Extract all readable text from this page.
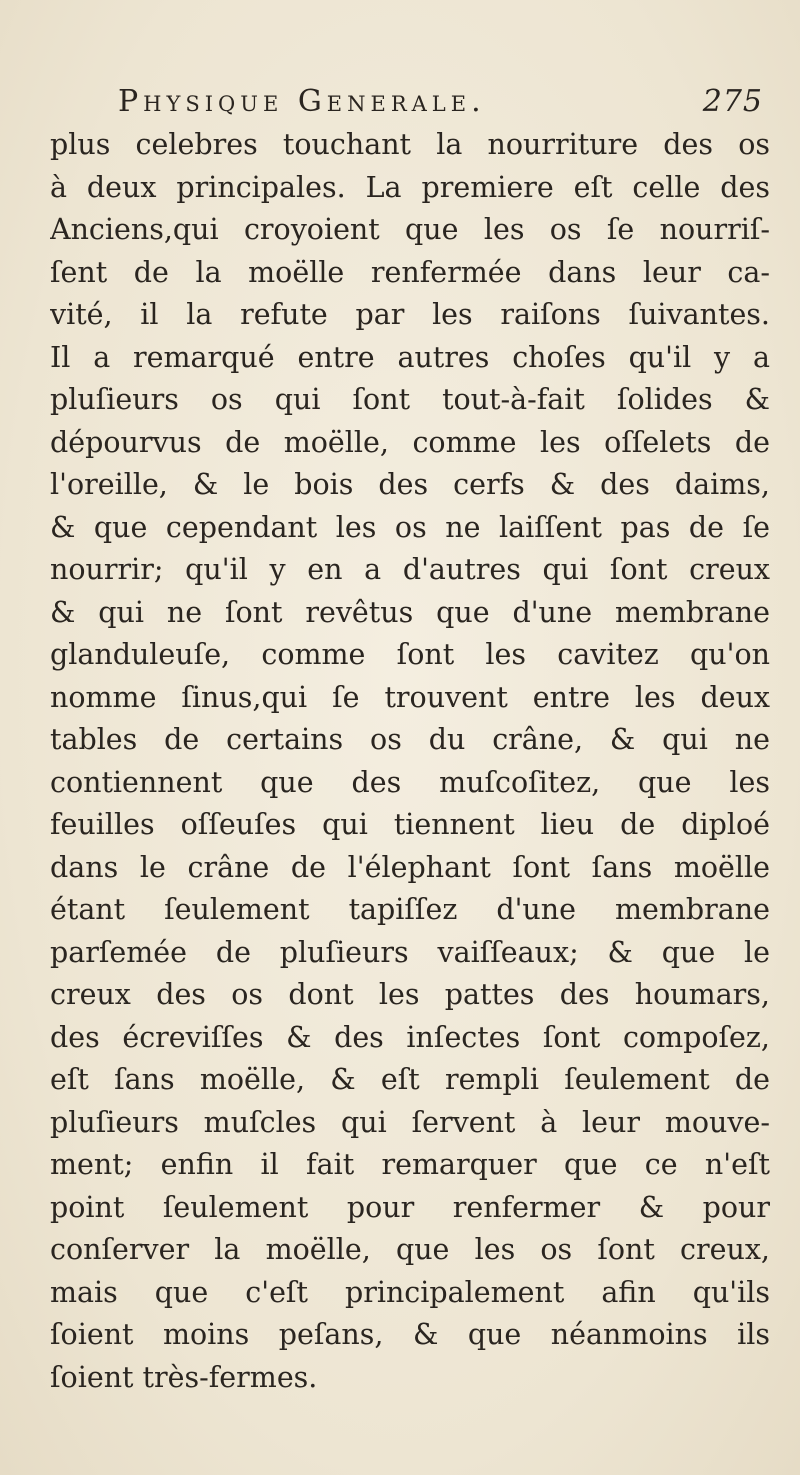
Physique Generale.	275
plus celebres touchant la nourriture des os
à deux principales. La premiere eſt celle des
Anciens,qui croyoient que les os ſe nourriſ-
ſent de la moëlle renfermée dans leur ca-
vité, il la refute par les raiſons ſuivantes.
Il a remarqué entre autres choſes qu'il y a
pluſieurs os qui ſont tout-à-fait ſolides &
dépourvus de moëlle, comme les oſſelets de
l'oreille, & le bois des cerfs & des daims,
& que cependant les os ne laiſſent pas de ſe
nourrir; qu'il y en a d'autres qui ſont creux
& qui ne ſont revêtus que d'une membrane
glanduleuſe, comme ſont les cavitez qu'on
nomme ſinus,qui ſe trouvent entre les deux
tables de certains os du crâne, & qui ne
contiennent que des muſcoſitez, que les
feuilles oſſeuſes qui tiennent lieu de diploé
dans le crâne de l'élephant ſont ſans moëlle
étant ſeulement tapiſſez d'une membrane
parſemée de pluſieurs vaiſſeaux; & que le
creux des os dont les pattes des houmars,
des écreviſſes & des inſectes ſont compoſez,
eſt ſans moëlle, & eſt rempli ſeulement de
pluſieurs muſcles qui ſervent à leur mouve-
ment; enfin il fait remarquer que ce n'eſt
point ſeulement pour renfermer & pour
conſerver la moëlle, que les os ſont creux,
mais que c'eſt principalement afin qu'ils
ſoient moins peſans, & que néanmoins ils
ſoient très-fermes.
